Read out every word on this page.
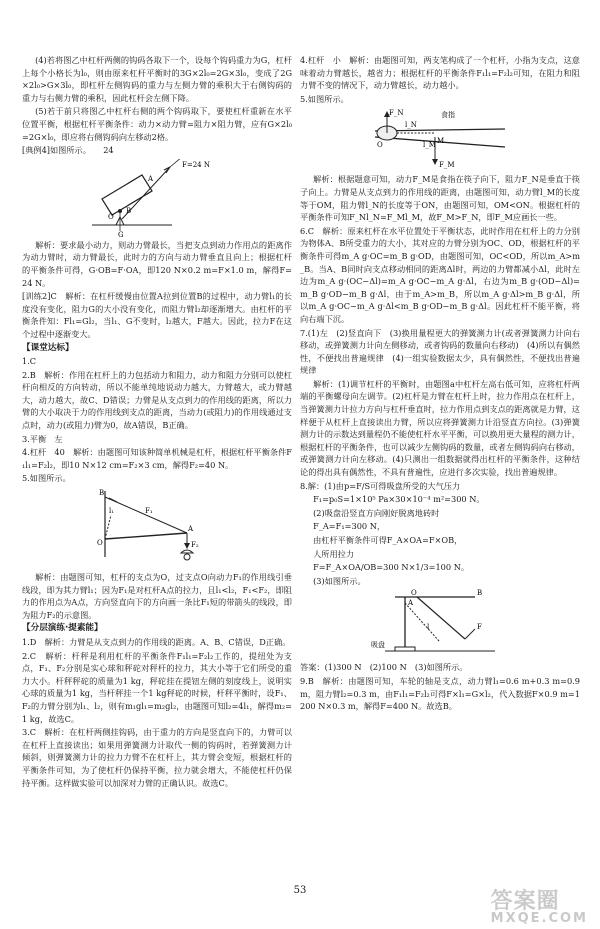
(4)若将图乙中杠杆两侧的钩码各取下一个，设每个钩码重力为G，杠杆上每个小格长为l₀，则由原来杠杆平衡时的3G×2l₀=2G×3l₀，变成了2G×2l₀>G×3l₀，即杠杆左侧钩码的重力与左侧力臂的乘积大于右侧钩码的重力与右侧力臂的乘积，因此杠杆会左侧下降。

(5)若于前只将图乙中杠杆右侧的两个钩码取下，要使杠杆重新在水平位置平衡，根据杠杆平衡条件：动力×动力臂=阻力×阻力臂，应有G×2l₀=2G×l₀，即应将右侧钩码向左移动2格。

[典例4]如图所示。　　 24

F=24 N
A
B
O
G

解析：要求最小动力，则动力臂最长，当把支点到动力作用点的距离作为动力臂时，动力臂最长，此时力的方向与动力臂垂直且向上；根据杠杆的平衡条件可得，G·OB=F·OA，即120 N×0.2 m=F×1.0 m，解得F=24 N。

[训练2]C　解析：在杠杆缓慢由位置A拉到位置B的过程中，动力臂l₁的长度没有变化，阻力G的大小没有变化，而阻力臂l₂却逐渐增大。由杠杆的平衡条件知：Fl₁=Gl₂，当l₁、G不变时，l₂越大，F越大。因此，拉力F在这个过程中逐渐变大。

【课堂达标】

1.C

2.B　解析：作用在杠杆上的力包括动力和阻力，动力和阻力分别可以使杠杆向相反的方向转动，所以不能单纯地说动力越大，力臂越大，或力臂越大，动力越大，故C、D错误；力臂是从支点到力的作用线的距离，所以力臂的大小取决于力的作用线到支点的距离，当动力(或阻力)的作用线通过支点时，动力(或阻力)臂为0，故A错误，B正确。

3.平衡　左

4.杠杆　40　解析：由题图可知该种简单机械是杠杆，根据杠杆平衡条件F₁l₁=F₂l₂，即10 N×12 cm=F₂×3 cm，解得F₂=40 N。

5.如图所示。

B
l₁	F₁
A
O	F₂

解析：由题图可知，杠杆的支点为O，过支点O向动力F₁的作用线引垂线段，即为其力臂l₁；因为F₁是对杠杆A点的拉力，且l₁<l₂，F₁<F₂，即阻力的作用点为A点，方向竖直向下的方向画一条比F₁短的带箭头的线段，即为阻力F₂的示意图。

【分层演练·提素能】

1.D　解析：力臂是从支点到力的作用线的距离。A、B、C错误，D正确。

2.C　解析：杆秤是利用杠杆的平衡条件F₁l₁=F₂l₂工作的，提纽处为支点，F₁、F₂分别是实心球和秤砣对秤杆的拉力，其大小等于它们所受的重力大小。杆秤秤砣的质量为1 kg，秤砣挂在提钮左侧的刻度线上，说明实心球的质量为1 kg，当杆秤挂一个1 kg秤砣的时候，杆秤平衡时，设F₁、F₂的力臂分别为l₁、l₂，则有m₁gl₁=m₂gl₂，由题图可知l₂=4l₁，解得m₂=1 kg，故选C。

3.C　解析：在杠杆两侧挂钩码，由于重力的方向是竖直向下的，力臂可以在杠杆上直接读出；如果用弹簧测力计取代一侧的钩码时，若弹簧测力计倾斜，则弹簧测力计的拉力力臂不在杠杆上，其力臂会变短，根据杠杆的平衡条件可知，为了使杠杆仍保持平衡，拉力就会增大，不能使杠杆仍保持平衡。这样做实验可以加深对力臂的正确认识。故选C。

4.杠杆　小　解析：由题图可知，两支笔构成了一个杠杆，小指为支点，这意味着动力臂越长，越省力；根据杠杆的平衡条件F₁l₁=F₂l₂可知，在阻力和阻力臂不变的情况下，动力臂越长，动力越小。

5.如图所示。

F_N	食指
l_N
O	l_M M
F_M

解析：根据题意可知，动力F_M是食指在筷子向下，阻力F_N是垂直于筷子向上。力臂是从支点到力的作用线的距离，由题图可知，动力臂l_M的长度等于OM，阻力臂l_N的长度等于ON，由题图可知，OM<ON。根据杠杆的平衡条件可知F_Nl_N=F_Ml_M，故F_M>F_N，即F_M应画长一些。

6.C　解析：原来杠杆在水平位置处于平衡状态，此时作用在杠杆上的力分别为物体A、B所受重力的大小，其对应的力臂分别为OC、OD，根据杠杆的平衡条件可得m_A g·OC=m_B g·OD，由题图可知，OC<OD，所以m_A>m_B。当A、B同时向支点移动相同的距离Δl时，两边的力臂都减小Δl，此时左边为m_A g·(OC−Δl)=m_A g·OC−m_A g·Δl，右边为m_B g·(OD−Δl)=m_B g·OD−m_B g·Δl，由于m_A>m_B，所以m_A g·Δl>m_B g·Δl，所以m_A g·OC−m_A g·Δl<m_B g·OD−m_B g·Δl。因此杠杆不能平衡，将向右端下沉。

7.(1)左　(2)竖直向下　(3)换用量程更大的弹簧测力计(或者弹簧测力计向右移动，或弹簧测力计向左侧移动，或者钩码的数量向右移动)　(4)所以有偶然性，不便找出普遍规律　(4)一组实验数据太少，具有偶然性，不便找出普遍规律

解析：(1)调节杠杆的平衡时，由题图a中杠杆左高右低可知，应将杠杆两端的平衡螺母向左调节。(2)杠杆是力臂在杠杆上时，拉力作用点在杠杆上，当弹簧测力计拉力方向与杠杆垂直时，拉力作用点到支点的距离就是力臂，这样便于从杠杆上直接读出力臂，所以应将弹簧测力计沿竖直方向拉。(3)弹簧测力计的示数达到量程仍不能使杠杆水平平衡，可以换用更大量程的测力计，根据杠杆的平衡条件，也可以减少左侧钩码的数量，或者左侧钩码向右移动，或弹簧测力计向左移动。(4)只测出一组数据就得出杠杆的平衡条件，这种结论的得出具有偶然性，不具有普遍性，应进行多次实验，找出普遍规律。

8.解：(1)由p=F/S可得吸盘所受的大气压力

F₁=p₀S=1×10⁵ Pa×30×10⁻⁴ m²=300 N。

(2)吸盘沿竖直方向刚好脱离地砖时

F_A=F₁=300 N，

由杠杆平衡条件可得F_A×OA=F×OB，

人所用拉力

F=F_A×OA/OB=300 N×1/3=100 N。

(3)如图所示。

A
O	B
l	F
吸盘

答案：(1)300 N　(2)100 N　(3)如图所示。

9.B　解析：由题图可知，车轮的轴是支点，动力臂l₁=0.6 m+0.3 m=0.9 m，阻力臂l₂=0.3 m，由F₁l₁=F₂l₂可得F×l₁=G×l₂，代入数据F×0.9 m=1 200 N×0.3 m，解得F=400 N。故选B。

53	答案圈
MXQE.COM
